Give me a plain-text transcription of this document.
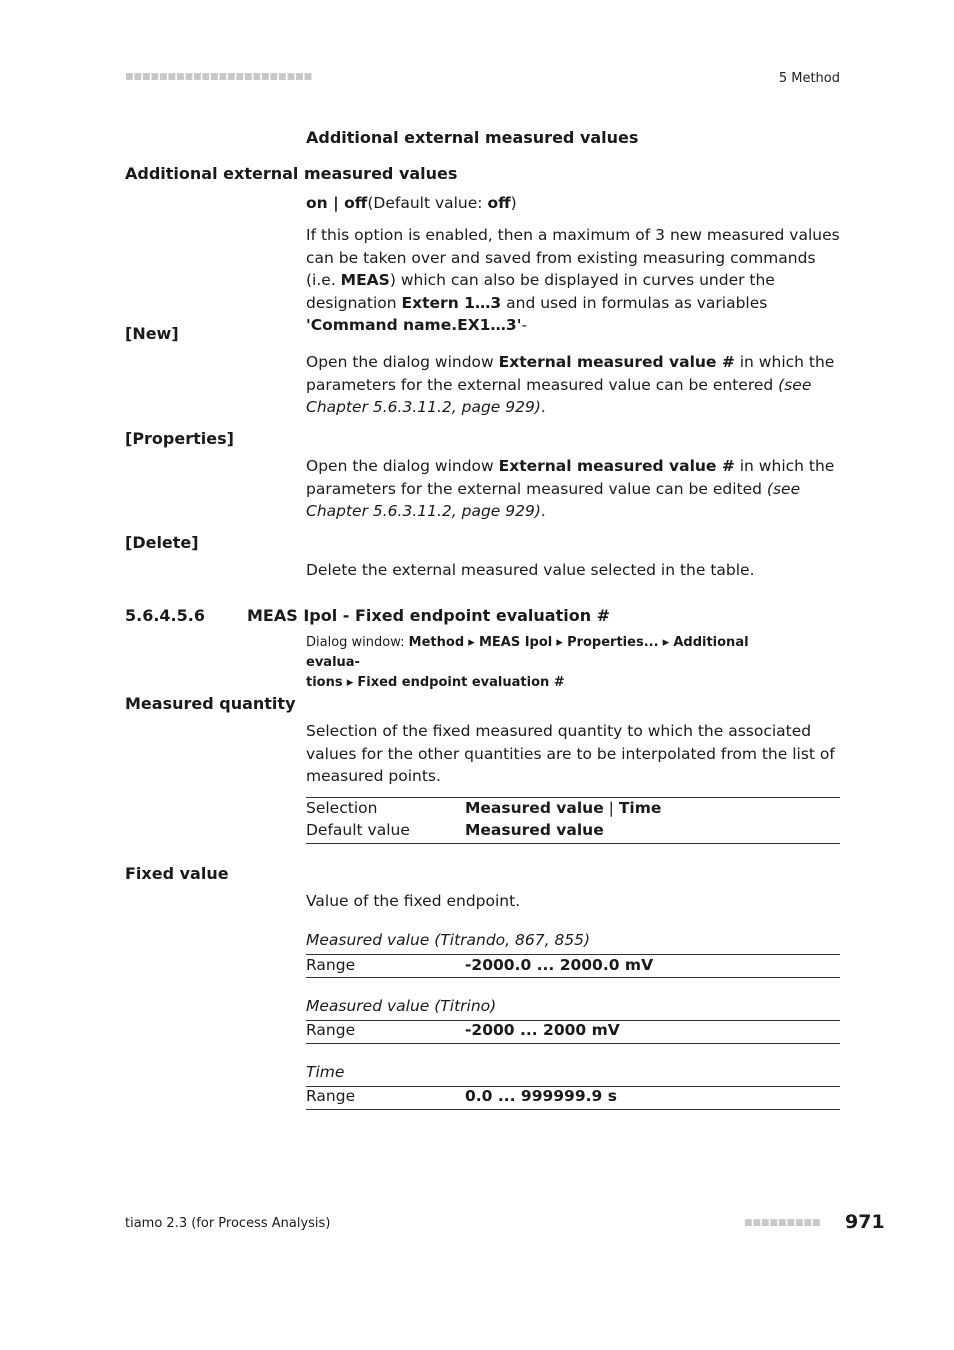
■■■■■■■■■■■■■■■■■■■■■■	5 Method
Additional external measured values
Additional external measured values
on | off(Default value: off)
If this option is enabled, then a maximum of 3 new measured values can be taken over and saved from existing measuring commands (i.e. MEAS) which can also be displayed in curves under the designation Extern 1…3 and used in formulas as variables 'Command name.EX1…3'-
[New]
Open the dialog window External measured value # in which the parameters for the external measured value can be entered (see Chapter 5.6.3.11.2, page 929).
[Properties]
Open the dialog window External measured value # in which the parameters for the external measured value can be edited (see Chapter 5.6.3.11.2, page 929).
[Delete]
Delete the external measured value selected in the table.
5.6.4.5.6	MEAS Ipol - Fixed endpoint evaluation #
Dialog window: Method ▸ MEAS Ipol ▸ Properties... ▸ Additional evalua-
tions ▸ Fixed endpoint evaluation #
Measured quantity
Selection of the fixed measured quantity to which the associated values for the other quantities are to be interpolated from the list of measured points.
Selection	Measured value | Time
Default value	Measured value
Fixed value
Value of the fixed endpoint.
Measured value (Titrando, 867, 855)
Range	-2000.0 ... 2000.0 mV
Measured value (Titrino)
Range	-2000 ... 2000 mV
Time
Range	0.0 ... 999999.9 s
tiamo 2.3 (for Process Analysis)	■■■■■■■■■ 971
